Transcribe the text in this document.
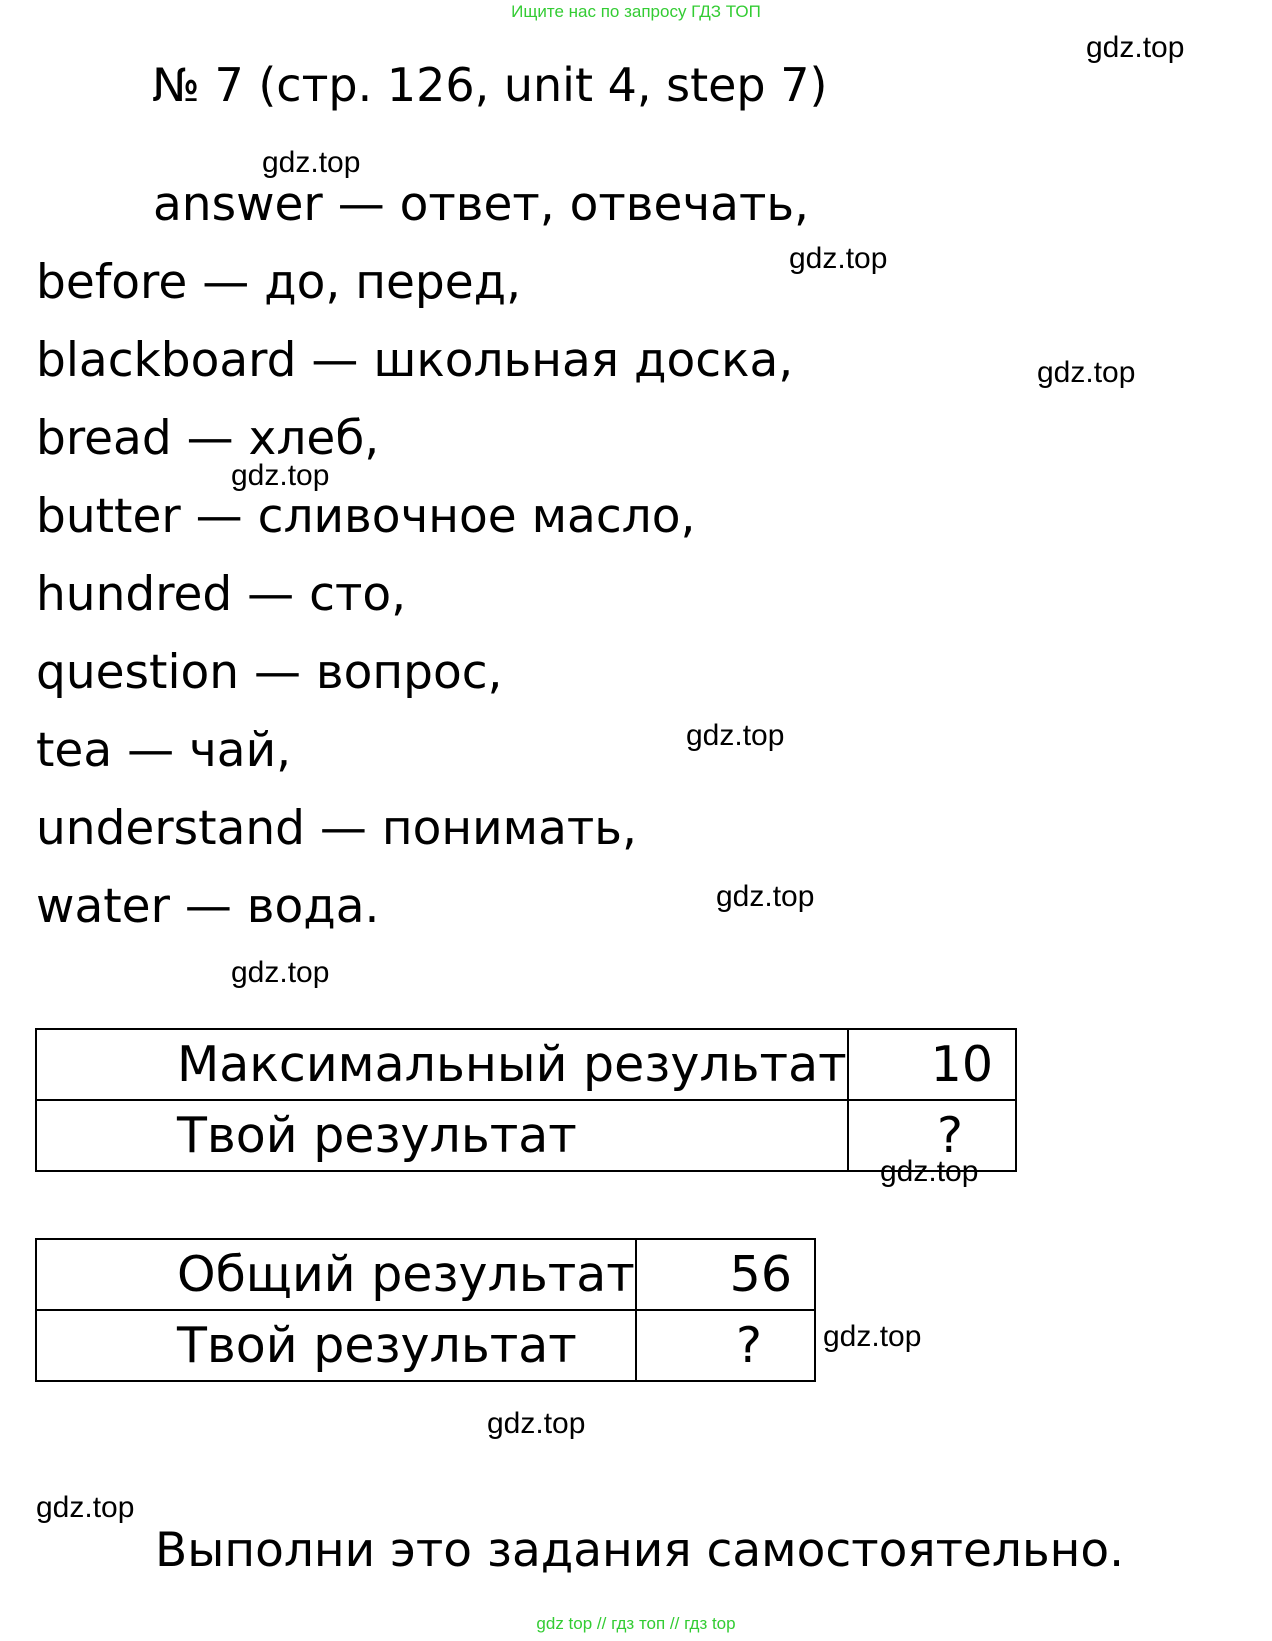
Ищите нас по запросу ГДЗ ТОП
№ 7 (стр. 126, unit 4, step 7)
answer — ответ, отвечать,
before — до, перед,
blackboard — школьная доска,
bread — хлеб,
butter — сливочное масло,
hundred — сто,
question — вопрос,
tea — чай,
understand — понимать,
water — вода.
Максимальный результат	10
Твой результат	?
Общий результат	56
Твой результат	?
Выполни это задания самостоятельно.
gdz.top
gdz.top
gdz.top
gdz.top
gdz.top
gdz.top
gdz.top
gdz.top
gdz.top
gdz.top
gdz.top
gdz.top
gdz top // гдз топ // гдз top
